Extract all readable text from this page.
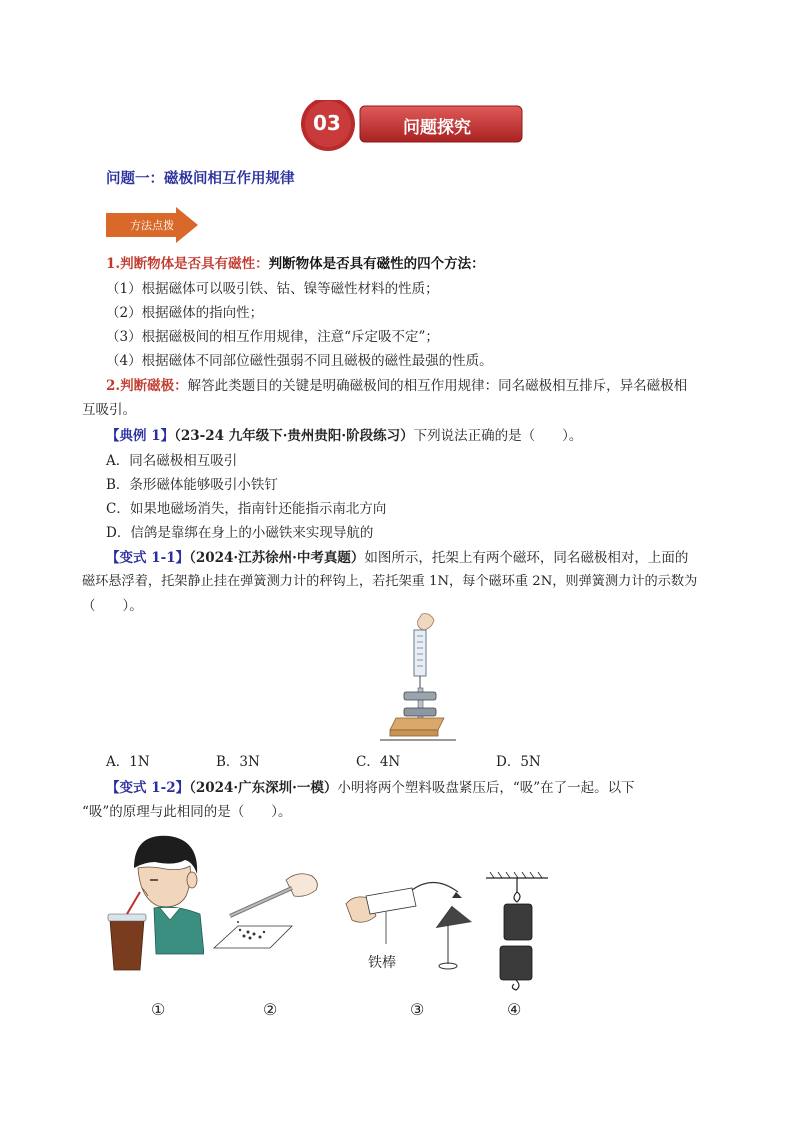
03	问题探究
问题一：磁极间相互作用规律
方法点拨
1.判断物体是否具有磁性：判断物体是否具有磁性的四个方法：
（1）根据磁体可以吸引铁、钴、镍等磁性材料的性质；
（2）根据磁体的指向性；
（3）根据磁极间的相互作用规律，注意“斥定吸不定”；
（4）根据磁体不同部位磁性强弱不同且磁极的磁性最强的性质。
2.判断磁极：解答此类题目的关键是明确磁极间的相互作用规律：同名磁极相互排斥，异名磁极相
互吸引。
【典例 1】（23-24 九年级下·贵州贵阳·阶段练习）下列说法正确的是（　　）。
A．同名磁极相互吸引
B．条形磁体能够吸引小铁钉
C．如果地磁场消失，指南针还能指示南北方向
D．信鸽是靠绑在身上的小磁铁来实现导航的
【变式 1-1】（2024·江苏徐州·中考真题）如图所示，托架上有两个磁环，同名磁极相对，上面的
磁环悬浮着，托架静止挂在弹簧测力计的秤钩上，若托架重 1N，每个磁环重 2N，则弹簧测力计的示数为
（　　）。
A．1N	B．3N	C．4N	D．5N
【变式 1-2】（2024·广东深圳·一模）小明将两个塑料吸盘紧压后，“吸”在了一起。以下
“吸”的原理与此相同的是（　　）。
铁棒
①	②	③	④
